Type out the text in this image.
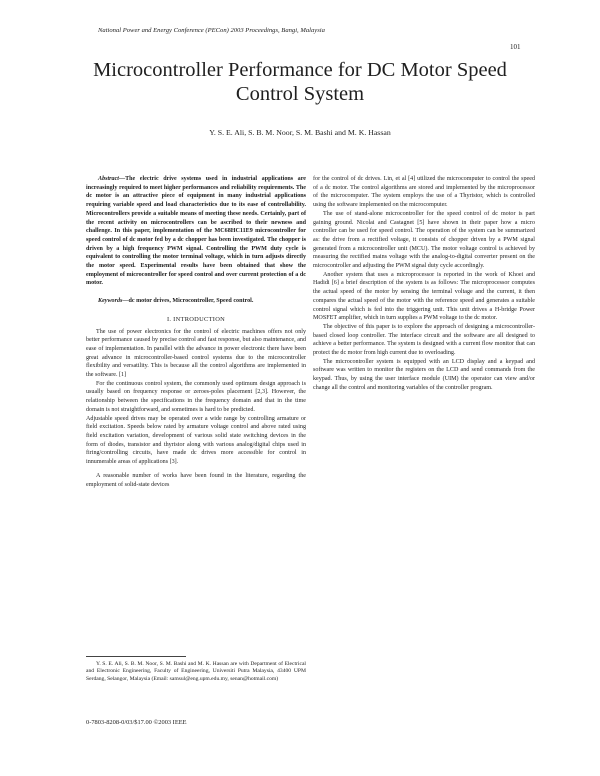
National Power and Energy Conference (PECon) 2003 Proceedings, Bangi, Malaysia
101
Microcontroller Performance for DC Motor Speed
Control System
Y. S. E. Ali, S. B. M. Noor, S. M. Bashi and M. K. Hassan

Abstract—The electric drive systems used in industrial applications are increasingly required to meet higher performances and reliability requirements. The dc motor is an attractive piece of equipment in many industrial applications requiring variable speed and load characteristics due to its ease of controllability. Microcontrollers provide a suitable means of meeting these needs. Certainly, part of the recent activity on microcontrollers can be ascribed to their newness and challenge. In this paper, implementation of the MC68HC11E9 microcontroller for speed control of dc motor fed by a dc chopper has been investigated. The chopper is driven by a high frequency PWM signal. Controlling the PWM duty cycle is equivalent to controlling the motor terminal voltage, which in turn adjusts directly the motor speed. Experimental results have been obtained that show the employment of microcontroller for speed control and over current protection of a dc motor.

Keywords—dc motor drives, Microcontroller, Speed control.

I. INTRODUCTION

The use of power electronics for the control of electric machines offers not only better performance caused by precise control and fast response, but also maintenance, and ease of implementation. In parallel with the advance in power electronic there have been great advance in microcontroller-based control systems due to the microcontroller flexibility and versatility. This is because all the control algorithms are implemented in the software. [1]

For the continuous control system, the commonly used optimum design approach is usually based on frequency response or zeroes-poles placement [2,3]. However, the relationship between the specifications in the frequency domain and that in the time domain is not straightforward, and sometimes is hard to be predicted.

Adjustable speed drives may be operated over a wide range by controlling armature or field excitation. Speeds below rated by armature voltage control and above rated using field excitation variation, development of various solid state switching devices in the form of diodes, transistor and thyristor along with various analog/digital chips used in firing/controlling circuits, have made dc drives more accessible for control in innumerable areas of applications [3].

A reasonable number of works have been found in the literature, regarding the employment of solid-state devices

for the control of dc drives. Lin, et al [4] utilized the microcomputer to control the speed of a dc motor. The control algorithms are stored and implemented by the microprocessor of the microcomputer. The system employs the use of a Thyristor, which is controlled using the software implemented on the microcomputer.

The use of stand-alone microcontroller for the speed control of dc motor is part gaining ground. Nicolai and Castagnet [5] have shown in their paper how a micro controller can be used for speed control. The operation of the system can be summarized as: the drive from a rectified voltage, it consists of chopper driven by a PWM signal generated from a microcontroller unit (MCU). The motor voltage control is achieved by measuring the rectified mains voltage with the analog-to-digital converter present on the microcontroller and adjusting the PWM signal duty cycle accordingly.

Another system that uses a microprocessor is reported in the work of Khoei and Hadidi [6] a brief description of the system is as follows: The microprocessor computes the actual speed of the motor by sensing the terminal voltage and the current, it then compares the actual speed of the motor with the reference speed and generates a suitable control signal which is fed into the triggering unit. This unit drives a H-bridge Power MOSFET amplifier, which in turn supplies a PWM voltage to the dc motor.

The objective of this paper is to explore the approach of designing a microcontroller-based closed loop controller. The interface circuit and the software are all designed to achieve a better performance. The system is designed with a current flow monitor that can protect the dc motor from high current due to overloading.

The microcontroller system is equipped with an LCD display and a keypad and software was written to monitor the registers on the LCD and send commands from the keypad. Thus, by using the user interface module (UIM) the operator can view and/or change all the control and monitoring variables of the controller program.

Y. S. E. Ali, S. B. M. Noor, S. M. Bashi and M. K. Hassan are with Department of Electrical and Electronic Engineering, Faculty of Engineering, Universiti Putra Malaysia, 43400 UPM Serdang, Selangor, Malaysia (Email: samsul@eng.upm.edu.my, senan@hotmail.com)
0-7803-8208-0/03/$17.00 ©2003 IEEE
